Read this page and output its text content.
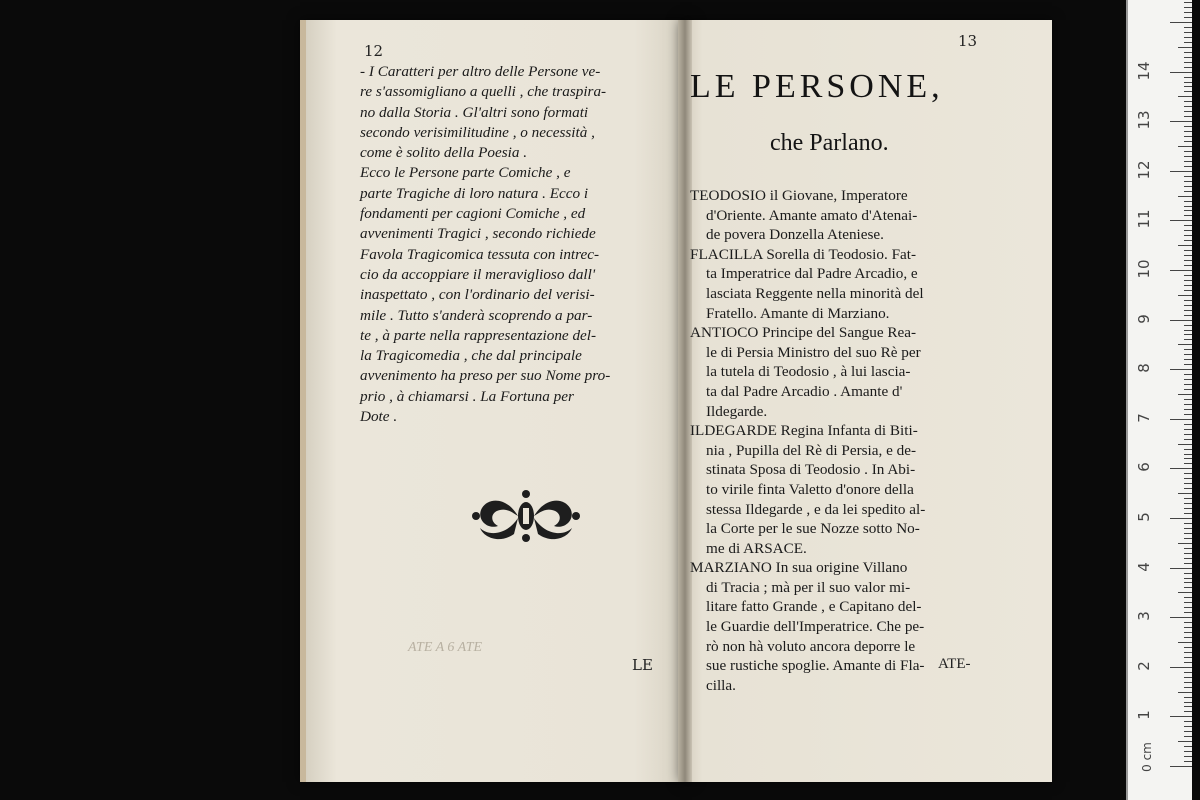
12
- I Caratteri per altro delle Persone ve-
re s'assomigliano a quelli , che traspira-
no dalla Storia . Gl'altri sono formati
secondo verisimilitudine , o necessità ,
come è solito della Poesia .
Ecco le Persone parte Comiche , e
parte Tragiche di loro natura . Ecco i
fondamenti per cagioni Comiche , ed
avvenimenti Tragici , secondo richiede
Favola Tragicomica tessuta con intrec-
cio da accoppiare il meraviglioso dall'
inaspettato , con l'ordinario del verisi-
mile . Tutto s'anderà scoprendo a par-
te , à parte nella rappresentazione del-
la Tragicomedia , che dal principale
avvenimento ha preso per suo Nome pro-
prio , à chiamarsi . La Fortuna per
Dote .
ATE A 6 ATE
LE
13
LE PERSONE,
che Parlano.
TEODOSIO il Giovane, Imperatore
d'Oriente. Amante amato d'Atenai-
de povera Donzella Ateniese.
FLACILLA Sorella di Teodosio. Fat-
ta Imperatrice dal Padre Arcadio, e
lasciata Reggente nella minorità del
Fratello. Amante di Marziano.
ANTIOCO Principe del Sangue Rea-
le di Persia Ministro del suo Rè per
la tutela di Teodosio , à lui lascia-
ta dal Padre Arcadio . Amante d'
Ildegarde.
ILDEGARDE Regina Infanta di Biti-
nia , Pupilla del Rè di Persia, e de-
stinata Sposa di Teodosio . In Abi-
to virile finta Valetto d'onore della
stessa Ildegarde , e da lei spedito al-
la Corte per le sue Nozze sotto No-
me di ARSACE.
MARZIANO In sua origine Villano
di Tracia ; mà per il suo valor mi-
litare fatto Grande , e Capitano del-
le Guardie dell'Imperatrice. Che pe-
rò non hà voluto ancora deporre le
sue rustiche spoglie. Amante di Fla-
cilla.
ATE-
0 cm
1
2
3
4
5
6
7
8
9
10
11
12
13
14
